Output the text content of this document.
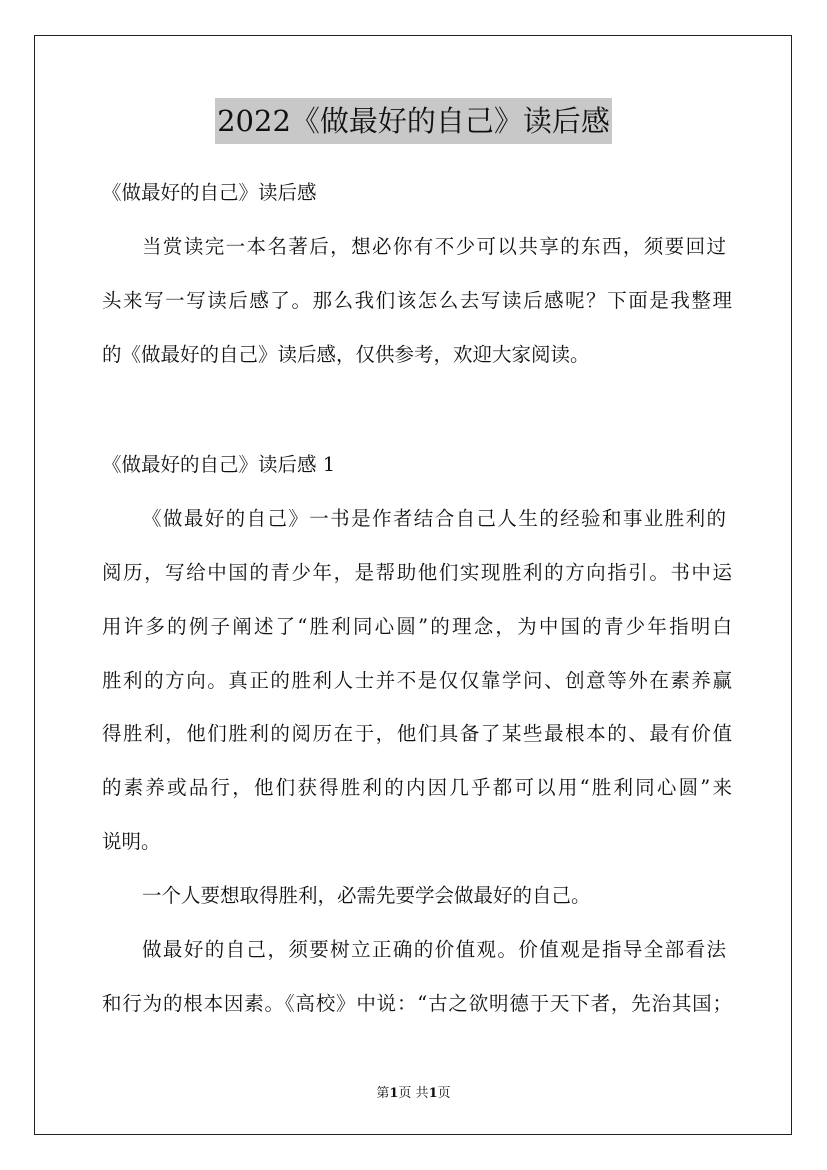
2022《做最好的自己》读后感
《做最好的自己》读后感
当赏读完一本名著后，想必你有不少可以共享的东西，须要回过
头来写一写读后感了。那么我们该怎么去写读后感呢？下面是我整理
的《做最好的自己》读后感，仅供参考，欢迎大家阅读。
《做最好的自己》读后感 1
《做最好的自己》一书是作者结合自己人生的经验和事业胜利的
阅历，写给中国的青少年，是帮助他们实现胜利的方向指引。书中运
用许多的例子阐述了“胜利同心圆”的理念，为中国的青少年指明白
胜利的方向。真正的胜利人士并不是仅仅靠学问、创意等外在素养赢
得胜利，他们胜利的阅历在于，他们具备了某些最根本的、最有价值
的素养或品行，他们获得胜利的内因几乎都可以用“胜利同心圆”来
说明。
一个人要想取得胜利，必需先要学会做最好的自己。
做最好的自己，须要树立正确的价值观。价值观是指导全部看法
和行为的根本因素。《高校》中说：“古之欲明德于天下者，先治其国；
第1页 共1页
